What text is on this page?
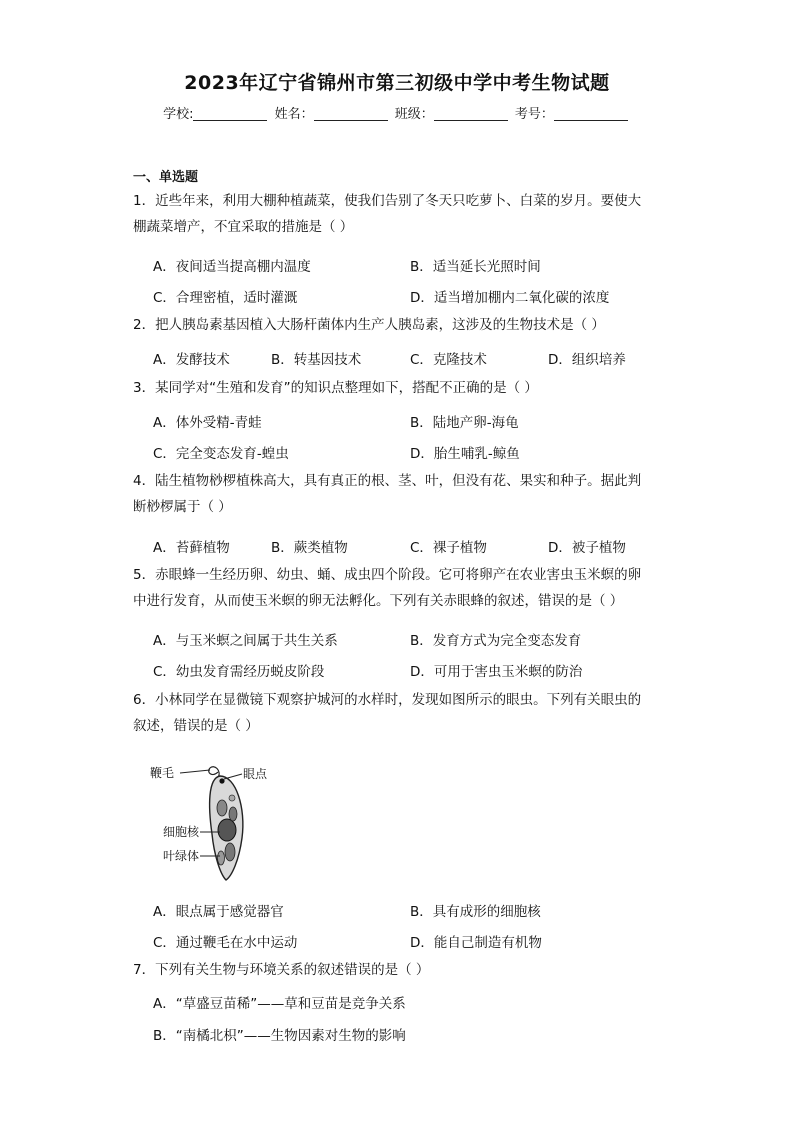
2023年辽宁省锦州市第三初级中学中考生物试题
学校:	姓名：	班级：	考号：
一、单选题
1．近些年来，利用大棚种植蔬菜，使我们告别了冬天只吃萝卜、白菜的岁月。要使大
棚蔬菜增产，不宜采取的措施是（ ）
A．夜间适当提高棚内温度	B．适当延长光照时间
C．合理密植，适时灌溉	D．适当增加棚内二氧化碳的浓度
2．把人胰岛素基因植入大肠杆菌体内生产人胰岛素，这涉及的生物技术是（ ）
A．发酵技术	B．转基因技术	C．克隆技术	D．组织培养
3．某同学对“生殖和发育”的知识点整理如下，搭配不正确的是（ ）
A．体外受精-青蛙	B．陆地产卵-海龟
C．完全变态发育-蝗虫	D．胎生哺乳-鲸鱼
4．陆生植物桫椤植株高大，具有真正的根、茎、叶，但没有花、果实和种子。据此判
断桫椤属于（ ）
A．苔藓植物	B．蕨类植物	C．裸子植物	D．被子植物
5．赤眼蜂一生经历卵、幼虫、蛹、成虫四个阶段。它可将卵产在农业害虫玉米螟的卵
中进行发育，从而使玉米螟的卵无法孵化。下列有关赤眼蜂的叙述，错误的是（ ）
A．与玉米螟之间属于共生关系	B．发育方式为完全变态发育
C．幼虫发育需经历蜕皮阶段	D．可用于害虫玉米螟的防治
6．小林同学在显微镜下观察护城河的水样时，发现如图所示的眼虫。下列有关眼虫的
叙述，错误的是（ ）
鞭毛	眼点
细胞核
叶绿体
A．眼点属于感觉器官	B．具有成形的细胞核
C．通过鞭毛在水中运动	D．能自己制造有机物
7．下列有关生物与环境关系的叙述错误的是（ ）
A．“草盛豆苗稀”——草和豆苗是竞争关系
B．“南橘北枳”——生物因素对生物的影响
